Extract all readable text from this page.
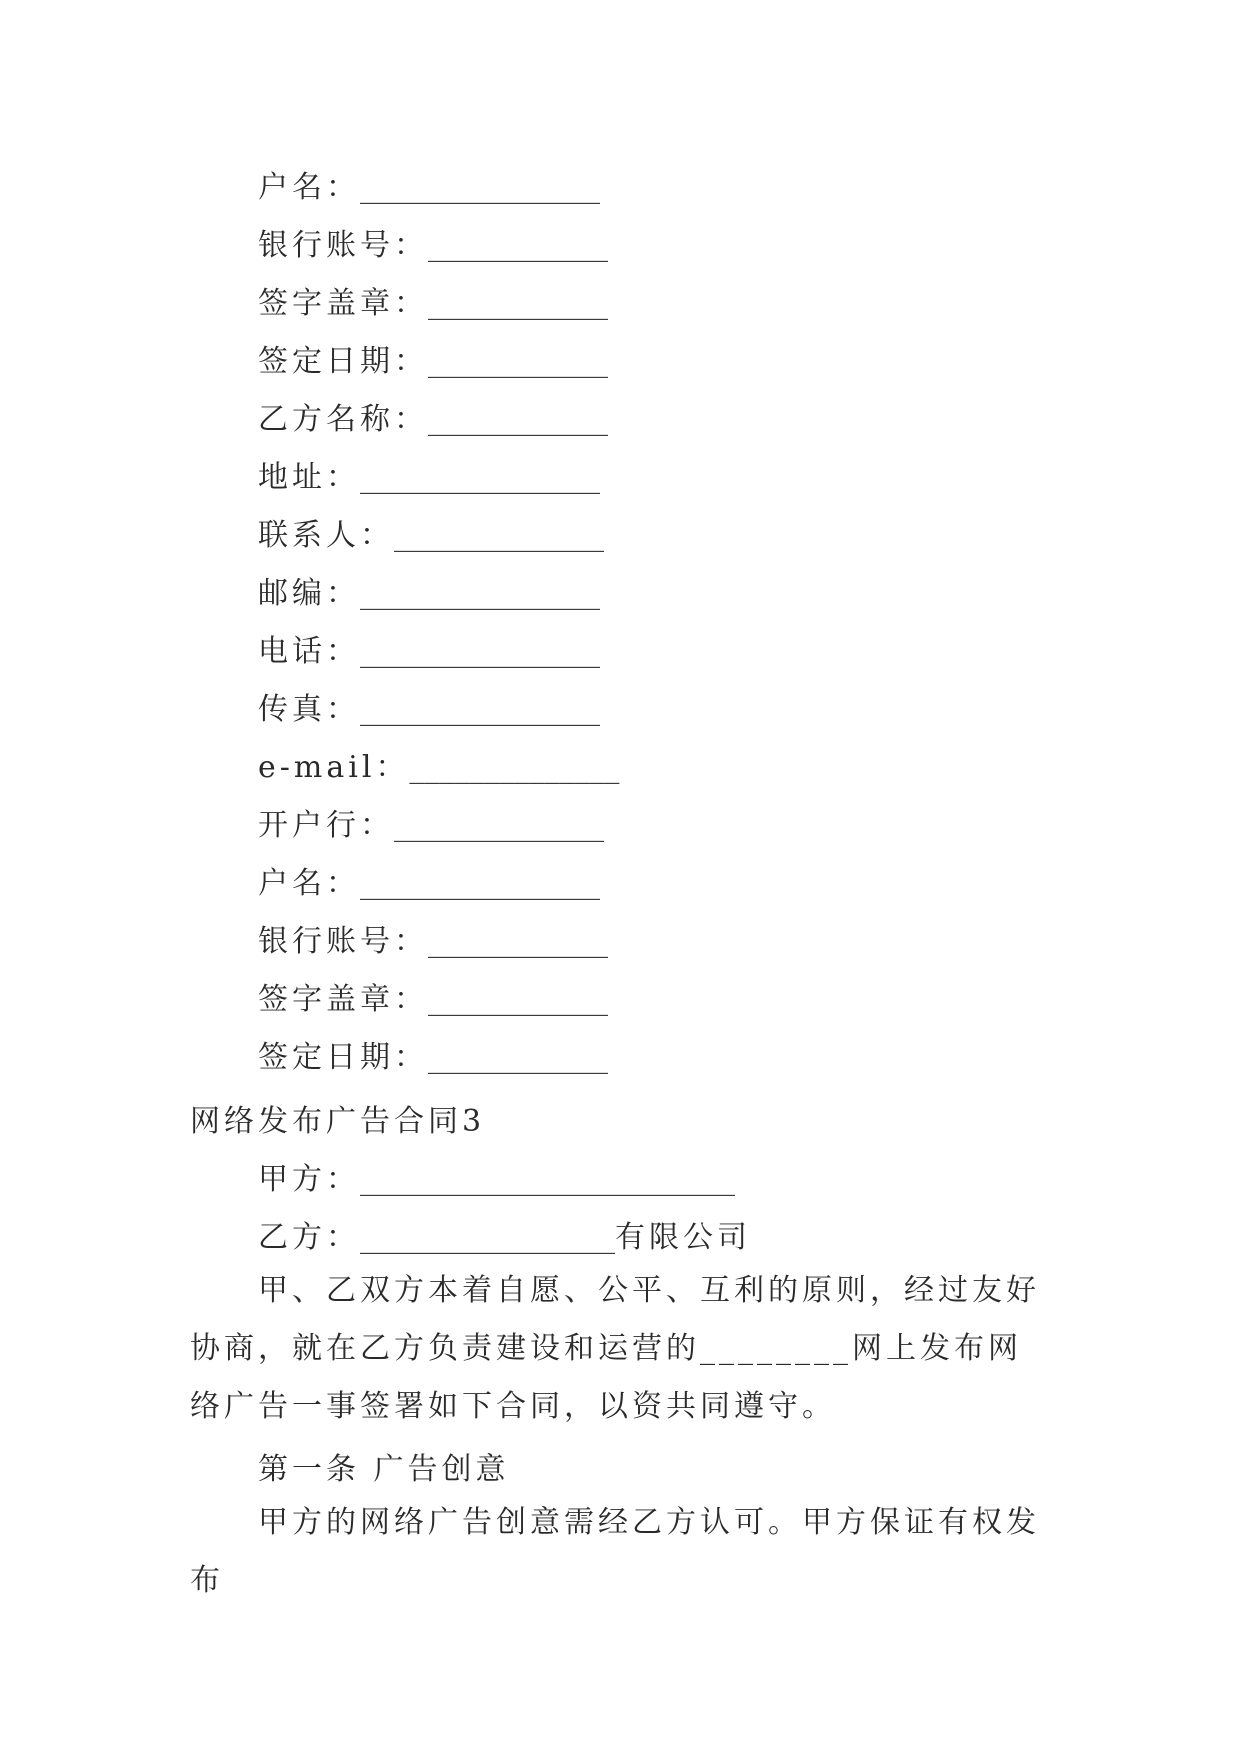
户名：________________
银行账号：____________
签字盖章：____________
签定日期：____________
乙方名称：____________
地址：________________
联系人：______________
邮编：________________
电话：________________
传真：________________
e-mail：______________
开户行：______________
户名：________________
银行账号：____________
签字盖章：____________
签定日期：____________
网络发布广告合同3
甲方：_________________________
乙方：_________________有限公司

甲、乙双方本着自愿、公平、互利的原则，经过友好协商，就在乙方负责建设和运营的________网上发布网络广告一事签署如下合同，以资共同遵守。

第一条 广告创意

甲方的网络广告创意需经乙方认可。甲方保证有权发布
